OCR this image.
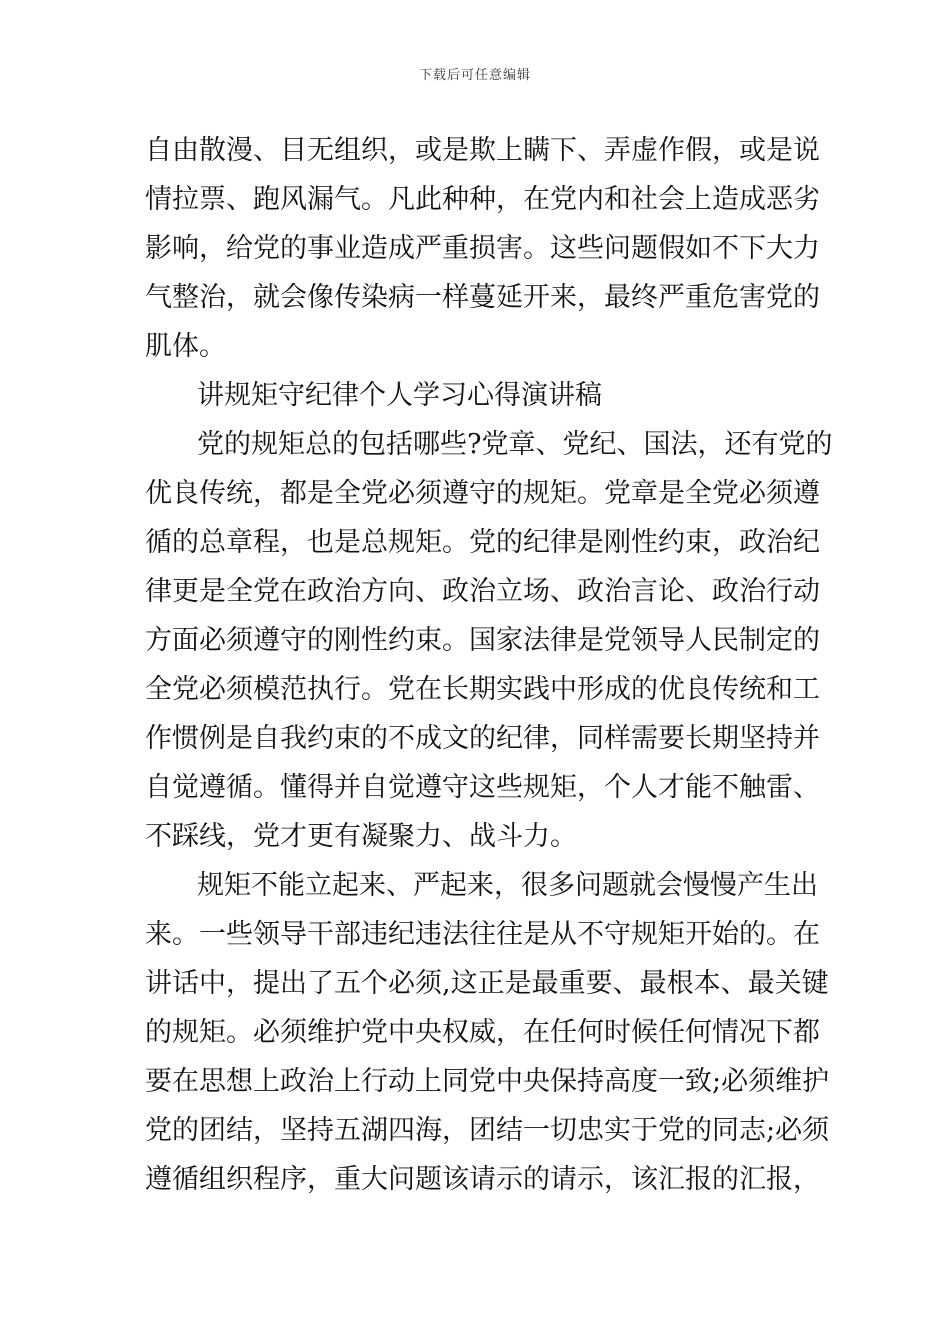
下载后可任意编辑
自由散漫、目无组织，或是欺上瞒下、弄虚作假，或是说
情拉票、跑风漏气。凡此种种，在党内和社会上造成恶劣
影响，给党的事业造成严重损害。这些问题假如不下大力
气整治，就会像传染病一样蔓延开来，最终严重危害党的
肌体。
讲规矩守纪律个人学习心得演讲稿
党的规矩总的包括哪些?党章、党纪、国法，还有党的
优良传统，都是全党必须遵守的规矩。党章是全党必须遵
循的总章程，也是总规矩。党的纪律是刚性约束，政治纪
律更是全党在政治方向、政治立场、政治言论、政治行动
方面必须遵守的刚性约束。国家法律是党领导人民制定的
全党必须模范执行。党在长期实践中形成的优良传统和工
作惯例是自我约束的不成文的纪律，同样需要长期坚持并
自觉遵循。懂得并自觉遵守这些规矩，个人才能不触雷、
不踩线，党才更有凝聚力、战斗力。
规矩不能立起来、严起来，很多问题就会慢慢产生出
来。一些领导干部违纪违法往往是从不守规矩开始的。在
讲话中，提出了五个必须,这正是最重要、最根本、最关键
的规矩。必须维护党中央权威，在任何时候任何情况下都
要在思想上政治上行动上同党中央保持高度一致;必须维护
党的团结，坚持五湖四海，团结一切忠实于党的同志;必须
遵循组织程序，重大问题该请示的请示，该汇报的汇报，
